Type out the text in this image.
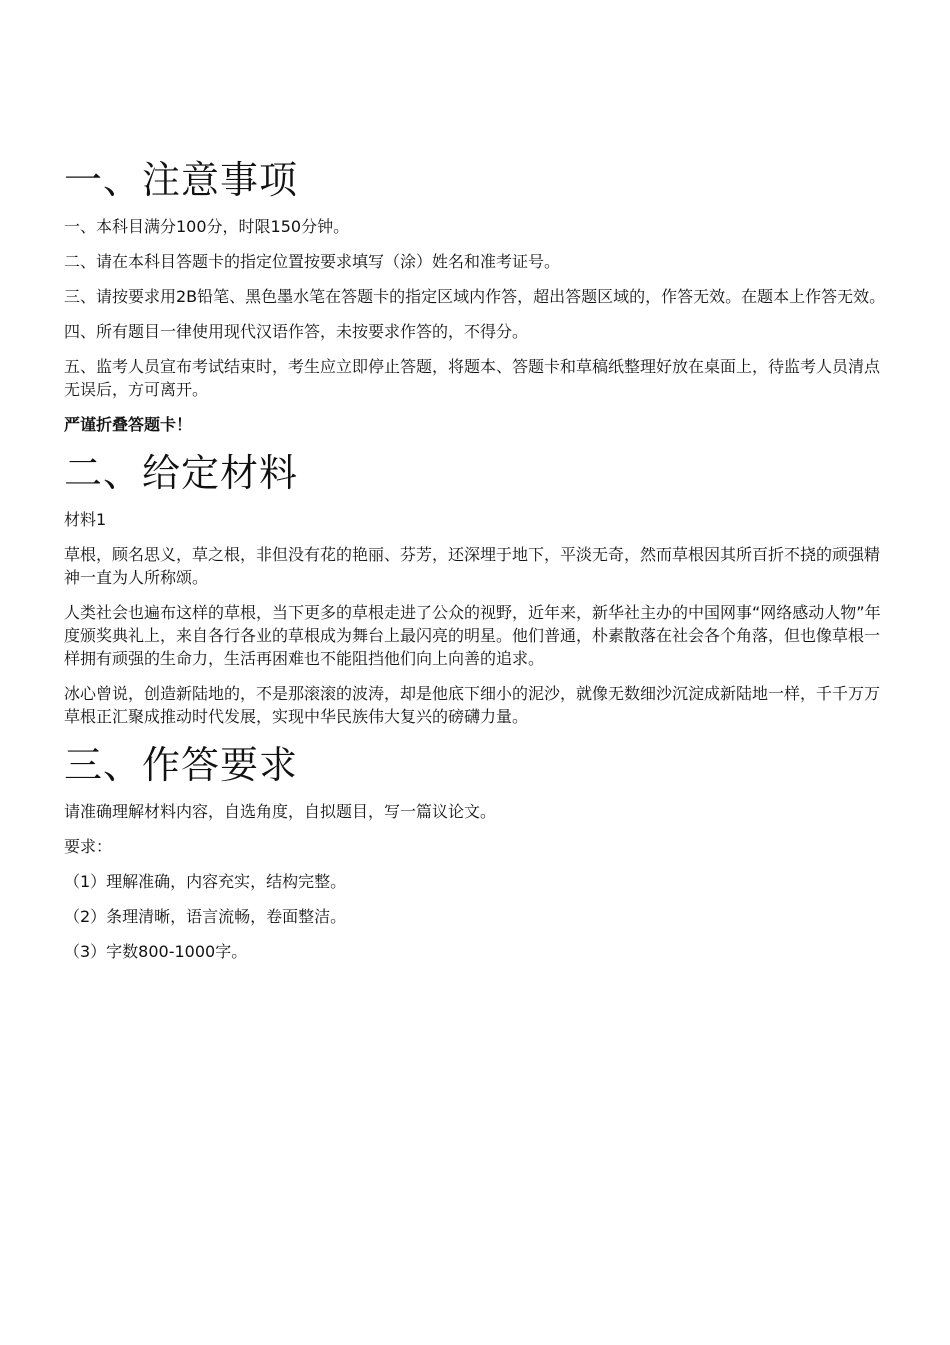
一、注意事项

一、本科目满分100分，时限150分钟。

二、请在本科目答题卡的指定位置按要求填写（涂）姓名和准考证号。

三、请按要求用2B铅笔、黑色墨水笔在答题卡的指定区域内作答，超出答题区域的，作答无效。在题本上作答无效。

四、所有题目一律使用现代汉语作答，未按要求作答的，不得分。

五、监考人员宣布考试结束时，考生应立即停止答题，将题本、答题卡和草稿纸整理好放在桌面上，待监考人员清点无误后，方可离开。

严谨折叠答题卡！

二、给定材料

材料1

草根，顾名思义，草之根，非但没有花的艳丽、芬芳，还深埋于地下，平淡无奇，然而草根因其所百折不挠的顽强精神一直为人所称颂。

人类社会也遍布这样的草根，当下更多的草根走进了公众的视野，近年来，新华社主办的中国网事“网络感动人物”年度颁奖典礼上，来自各行各业的草根成为舞台上最闪亮的明星。他们普通，朴素散落在社会各个角落，但也像草根一样拥有顽强的生命力，生活再困难也不能阻挡他们向上向善的追求。

冰心曾说，创造新陆地的，不是那滚滚的波涛，却是他底下细小的泥沙，就像无数细沙沉淀成新陆地一样，千千万万草根正汇聚成推动时代发展，实现中华民族伟大复兴的磅礴力量。

三、作答要求

请准确理解材料内容，自选角度，自拟题目，写一篇议论文。

要求：

（1）理解准确，内容充实，结构完整。

（2）条理清晰，语言流畅，卷面整洁。

（3）字数800-1000字。
